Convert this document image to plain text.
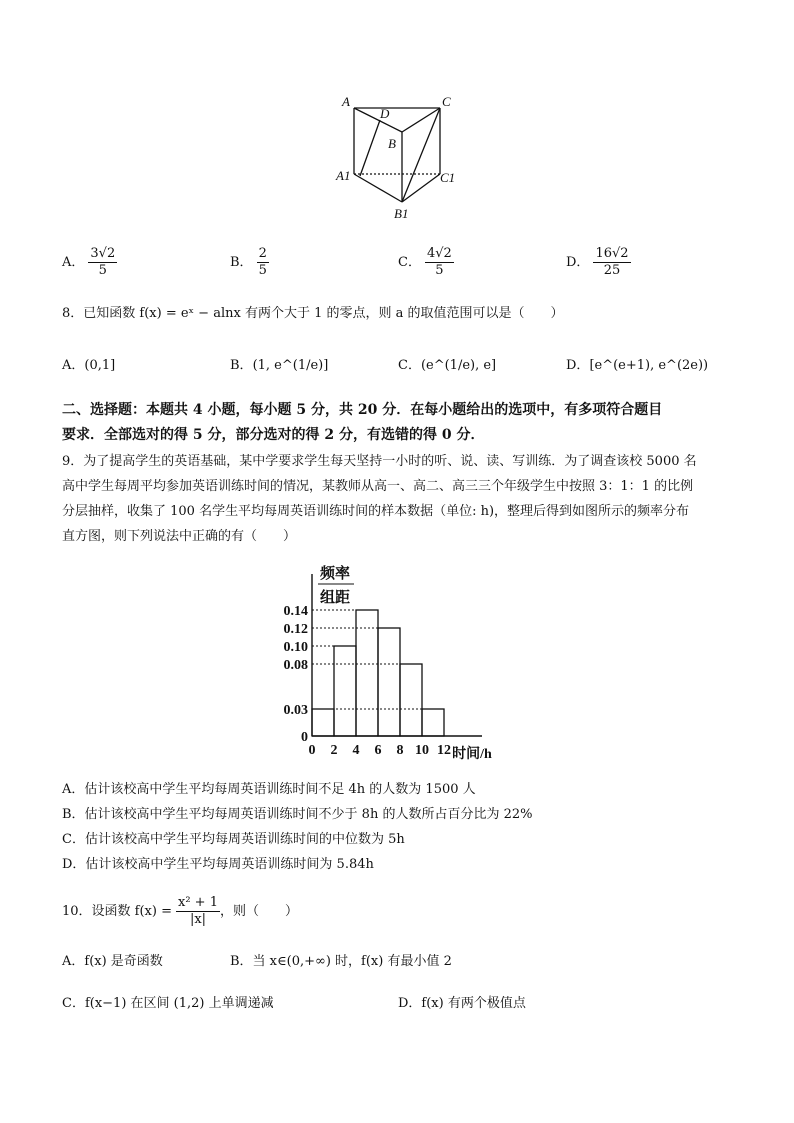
A
D
C
B
A1	C1
B1
A． $\frac{3√2}{5}$	B． $\frac{2}{5}$	C． $\frac{4√2}{5}$	D． $\frac{16√2}{25}$
8．已知函数 f(x) = eˣ − alnx 有两个大于 1 的零点，则 a 的取值范围可以是（　　）
A．(0,1]	B．(1, e^(1/e)]	C．(e^(1/e), e]	D．[e^(e+1), e^(2e))
二、选择题：本题共 4 小题，每小题 5 分，共 20 分．在每小题给出的选项中，有多项符合题目
要求．全部选对的得 5 分，部分选对的得 2 分，有选错的得 0 分．
9．为了提高学生的英语基础，某中学要求学生每天坚持一小时的听、说、读、写训练．为了调查该校 5000 名
高中学生每周平均参加英语训练时间的情况，某教师从高一、高二、高三三个年级学生中按照 3：1：1 的比例
分层抽样，收集了 100 名学生平均每周英语训练时间的样本数据（单位: h)，整理后得到如图所示的频率分布
直方图，则下列说法中正确的有（　　）
频率
组距
0
0.03
0.08
0.10
0.12
0.14
0 2 4 6 8 10 12 时间/h
A．估计该校高中学生平均每周英语训练时间不足 4h 的人数为 1500 人
B．估计该校高中学生平均每周英语训练时间不少于 8h 的人数所占百分比为 22%
C．估计该校高中学生平均每周英语训练时间的中位数为 5h
D．估计该校高中学生平均每周英语训练时间为 5.84h
10．设函数 $f(x) = \frac{\text{x² + 1}}{|x|}$ ，则（　　）
A．f(x) 是奇函数	B．当 x∈(0,+∞) 时，f(x) 有最小值 2
C．f(x−1) 在区间 (1,2) 上单调递减	D．f(x) 有两个极值点
